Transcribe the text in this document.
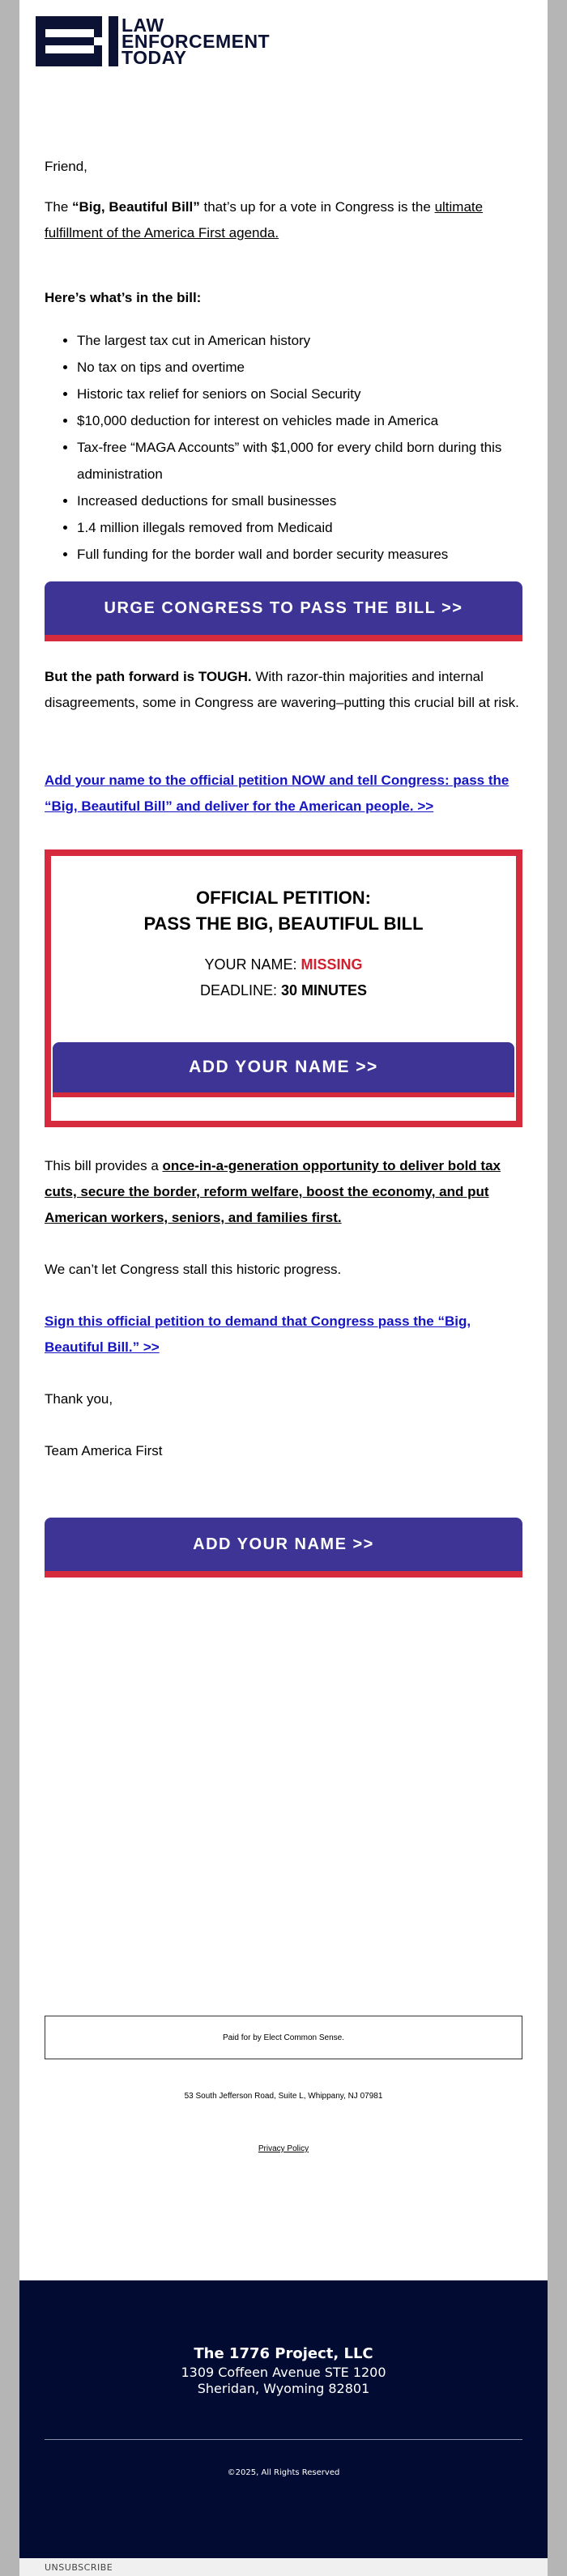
LAW
ENFORCEMENT
TODAY

Friend,

The “Big, Beautiful Bill” that’s up for a vote in Congress is the ultimate fulfillment of the America First agenda.

Here’s what’s in the bill:

• The largest tax cut in American history
• No tax on tips and overtime
• Historic tax relief for seniors on Social Security
• $10,000 deduction for interest on vehicles made in America
• Tax-free “MAGA Accounts” with $1,000 for every child born during this administration
• Increased deductions for small businesses
• 1.4 million illegals removed from Medicaid
• Full funding for the border wall and border security measures
URGE CONGRESS TO PASS THE BILL >>

But the path forward is TOUGH. With razor-thin majorities and internal disagreements, some in Congress are wavering–putting this crucial bill at risk.

Add your name to the official petition NOW and tell Congress: pass the “Big, Beautiful Bill” and deliver for the American people. >>

OFFICIAL PETITION:
PASS THE BIG, BEAUTIFUL BILL
YOUR NAME: MISSING
DEADLINE: 30 MINUTES
ADD YOUR NAME >>

This bill provides a once-in-a-generation opportunity to deliver bold tax cuts, secure the border, reform welfare, boost the economy, and put American workers, seniors, and families first.

We can’t let Congress stall this historic progress.

Sign this official petition to demand that Congress pass the “Big, Beautiful Bill.” >>

Thank you,

Team America First

ADD YOUR NAME >>
Paid for by Elect Common Sense.
53 South Jefferson Road, Suite L, Whippany, NJ 07981
Privacy Policy
The 1776 Project, LLC
1309 Coffeen Avenue STE 1200
Sheridan, Wyoming 82801
©2025, All Rights Reserved
UNSUBSCRIBE
